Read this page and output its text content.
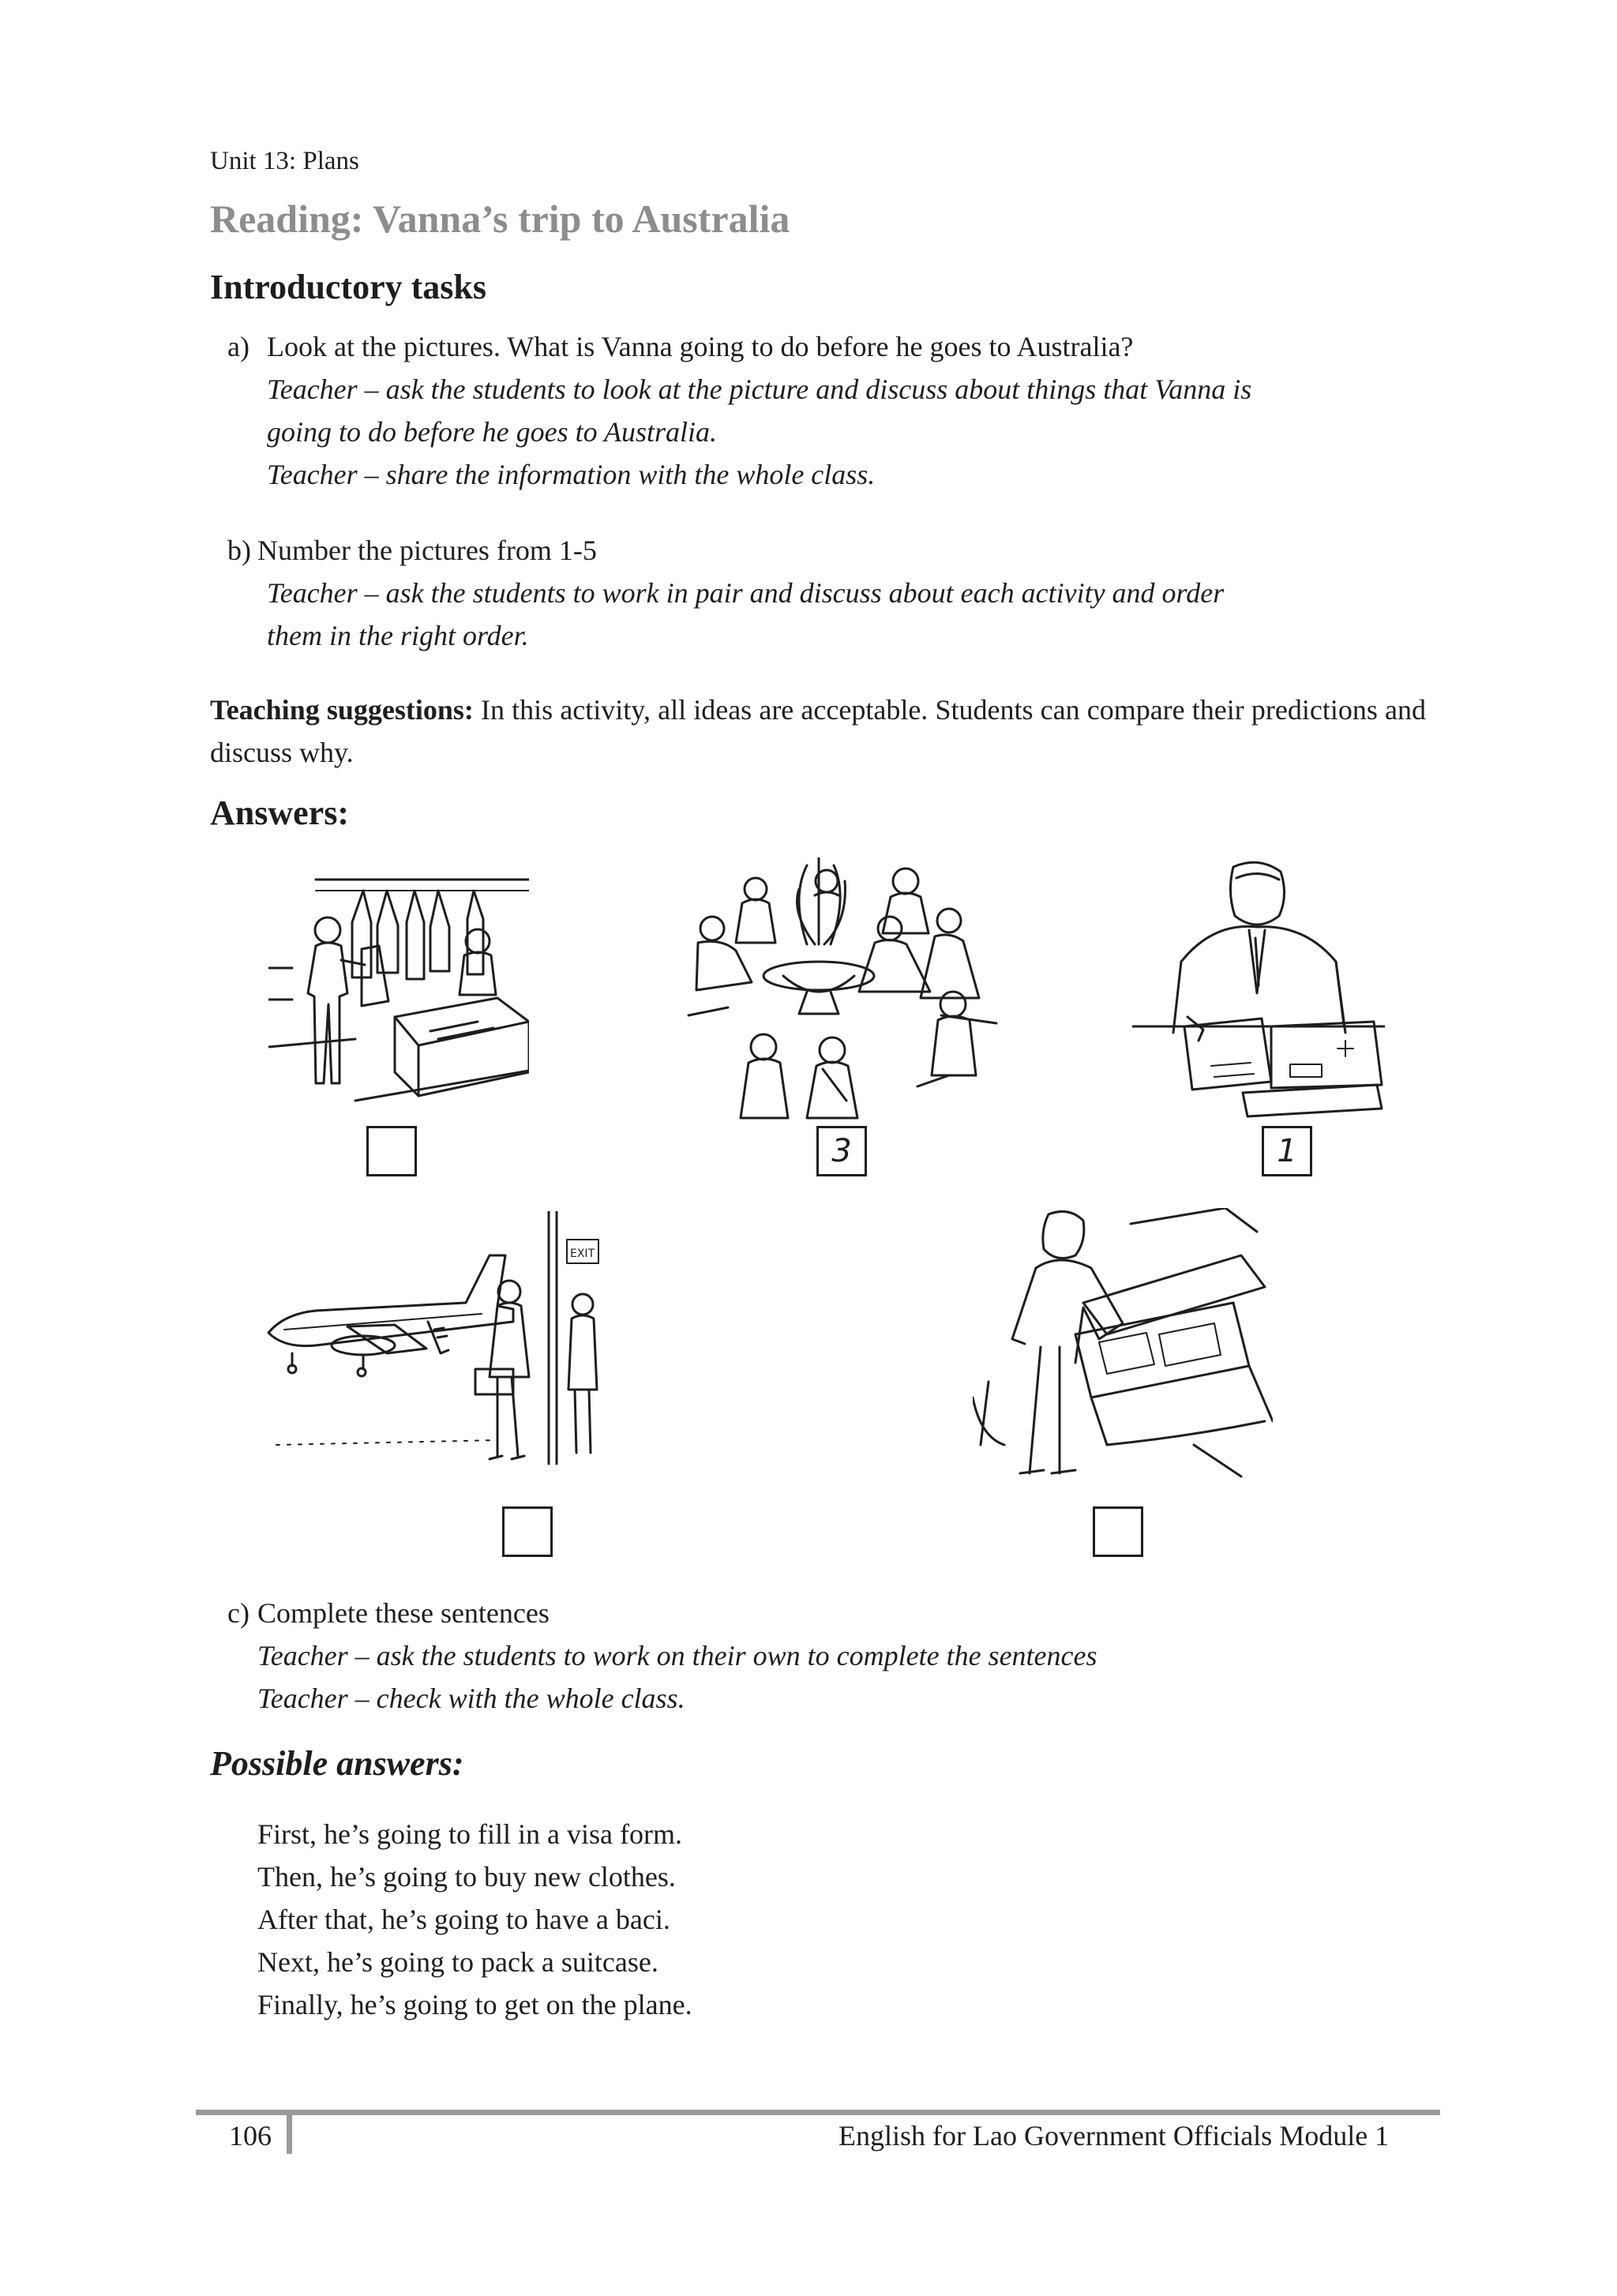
Unit 13: Plans
Reading: Vanna’s trip to Australia
Introductory tasks
a) Look at the pictures. What is Vanna going to do before he goes to Australia?
Teacher – ask the students to look at the picture and discuss about things that Vanna is
going to do before he goes to Australia.
Teacher – share the information with the whole class.
b) Number the pictures from 1-5
Teacher – ask the students to work in pair and discuss about each activity and order
them in the right order.
Teaching suggestions: In this activity, all ideas are acceptable. Students can compare their predictions and discuss why.
Answers:
3	1
EXIT
c) Complete these sentences
Teacher – ask the students to work on their own to complete the sentences
Teacher – check with the whole class.
Possible answers:
First, he’s going to fill in a visa form.
Then, he’s going to buy new clothes.
After that, he’s going to have a baci.
Next, he’s going to pack a suitcase.
Finally, he’s going to get on the plane.
106	English for Lao Government Officials Module 1
